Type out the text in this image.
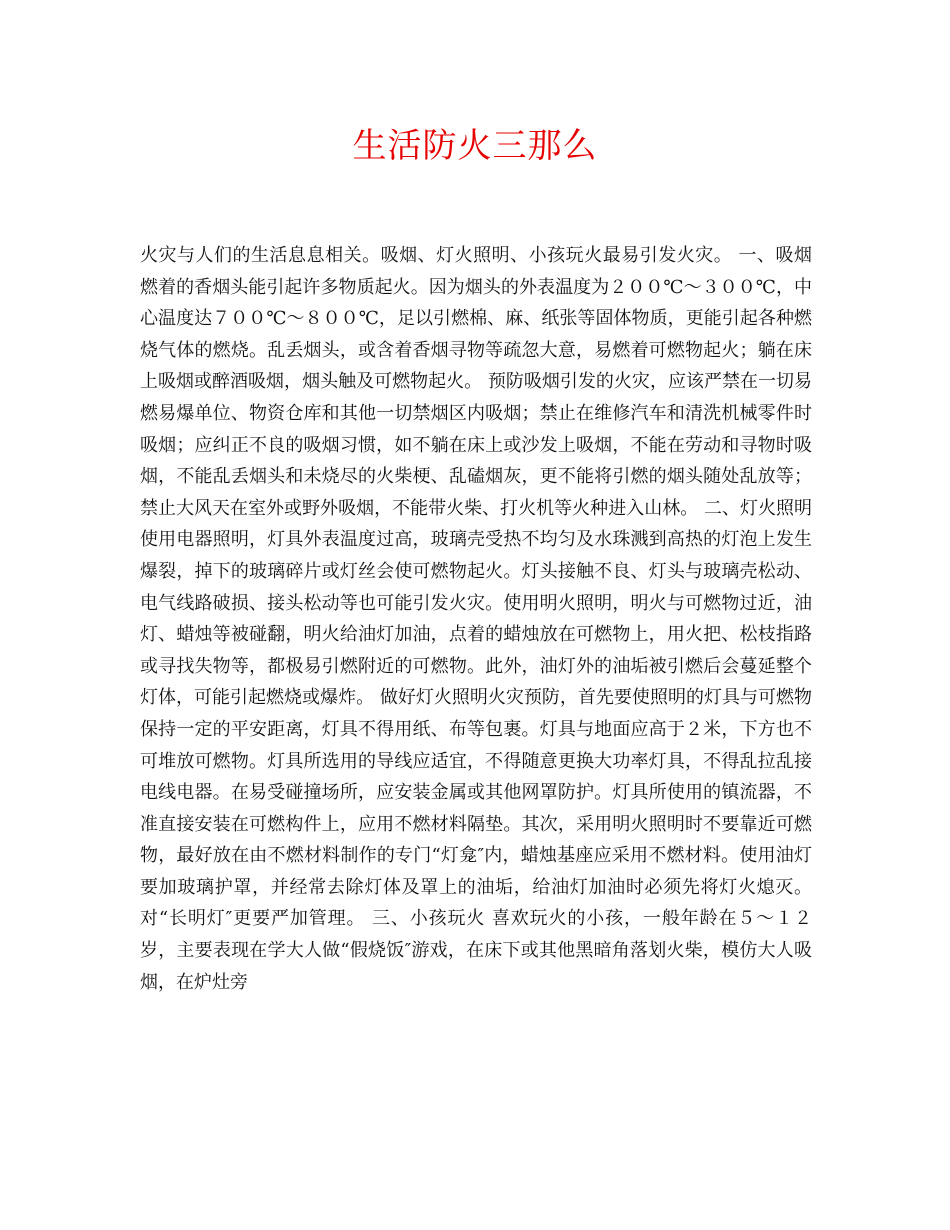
生活防火三那么

火灾与人们的生活息息相关。吸烟、灯火照明、小孩玩火最易引发火灾。 一、吸烟 燃着的香烟头能引起许多物质起火。因为烟头的外表温度为２００℃～３００℃，中心温度达７００℃～８００℃，足以引燃棉、麻、纸张等固体物质，更能引起各种燃烧气体的燃烧。乱丢烟头，或含着香烟寻物等疏忽大意，易燃着可燃物起火；躺在床上吸烟或醉酒吸烟，烟头触及可燃物起火。 预防吸烟引发的火灾，应该严禁在一切易燃易爆单位、物资仓库和其他一切禁烟区内吸烟；禁止在维修汽车和清洗机械零件时吸烟；应纠正不良的吸烟习惯，如不躺在床上或沙发上吸烟，不能在劳动和寻物时吸烟，不能乱丢烟头和未烧尽的火柴梗、乱磕烟灰，更不能将引燃的烟头随处乱放等；禁止大风天在室外或野外吸烟，不能带火柴、打火机等火种进入山林。 二、灯火照明 使用电器照明，灯具外表温度过高，玻璃壳受热不均匀及水珠溅到高热的灯泡上发生爆裂，掉下的玻璃碎片或灯丝会使可燃物起火。灯头接触不良、灯头与玻璃壳松动、电气线路破损、接头松动等也可能引发火灾。使用明火照明，明火与可燃物过近，油灯、蜡烛等被碰翻，明火给油灯加油，点着的蜡烛放在可燃物上，用火把、松枝指路或寻找失物等，都极易引燃附近的可燃物。此外，油灯外的油垢被引燃后会蔓延整个灯体，可能引起燃烧或爆炸。 做好灯火照明火灾预防，首先要使照明的灯具与可燃物保持一定的平安距离，灯具不得用纸、布等包裹。灯具与地面应高于２米，下方也不可堆放可燃物。灯具所选用的导线应适宜，不得随意更换大功率灯具，不得乱拉乱接电线电器。在易受碰撞场所，应安装金属或其他网罩防护。灯具所使用的镇流器，不准直接安装在可燃构件上，应用不燃材料隔垫。其次，采用明火照明时不要靠近可燃物，最好放在由不燃材料制作的专门“灯龛″内，蜡烛基座应采用不燃材料。使用油灯要加玻璃护罩，并经常去除灯体及罩上的油垢，给油灯加油时必须先将灯火熄灭。对“长明灯″更要严加管理。 三、小孩玩火 喜欢玩火的小孩，一般年龄在５～１２岁，主要表现在学大人做“假烧饭″游戏，在床下或其他黑暗角落划火柴，模仿大人吸烟，在炉灶旁
